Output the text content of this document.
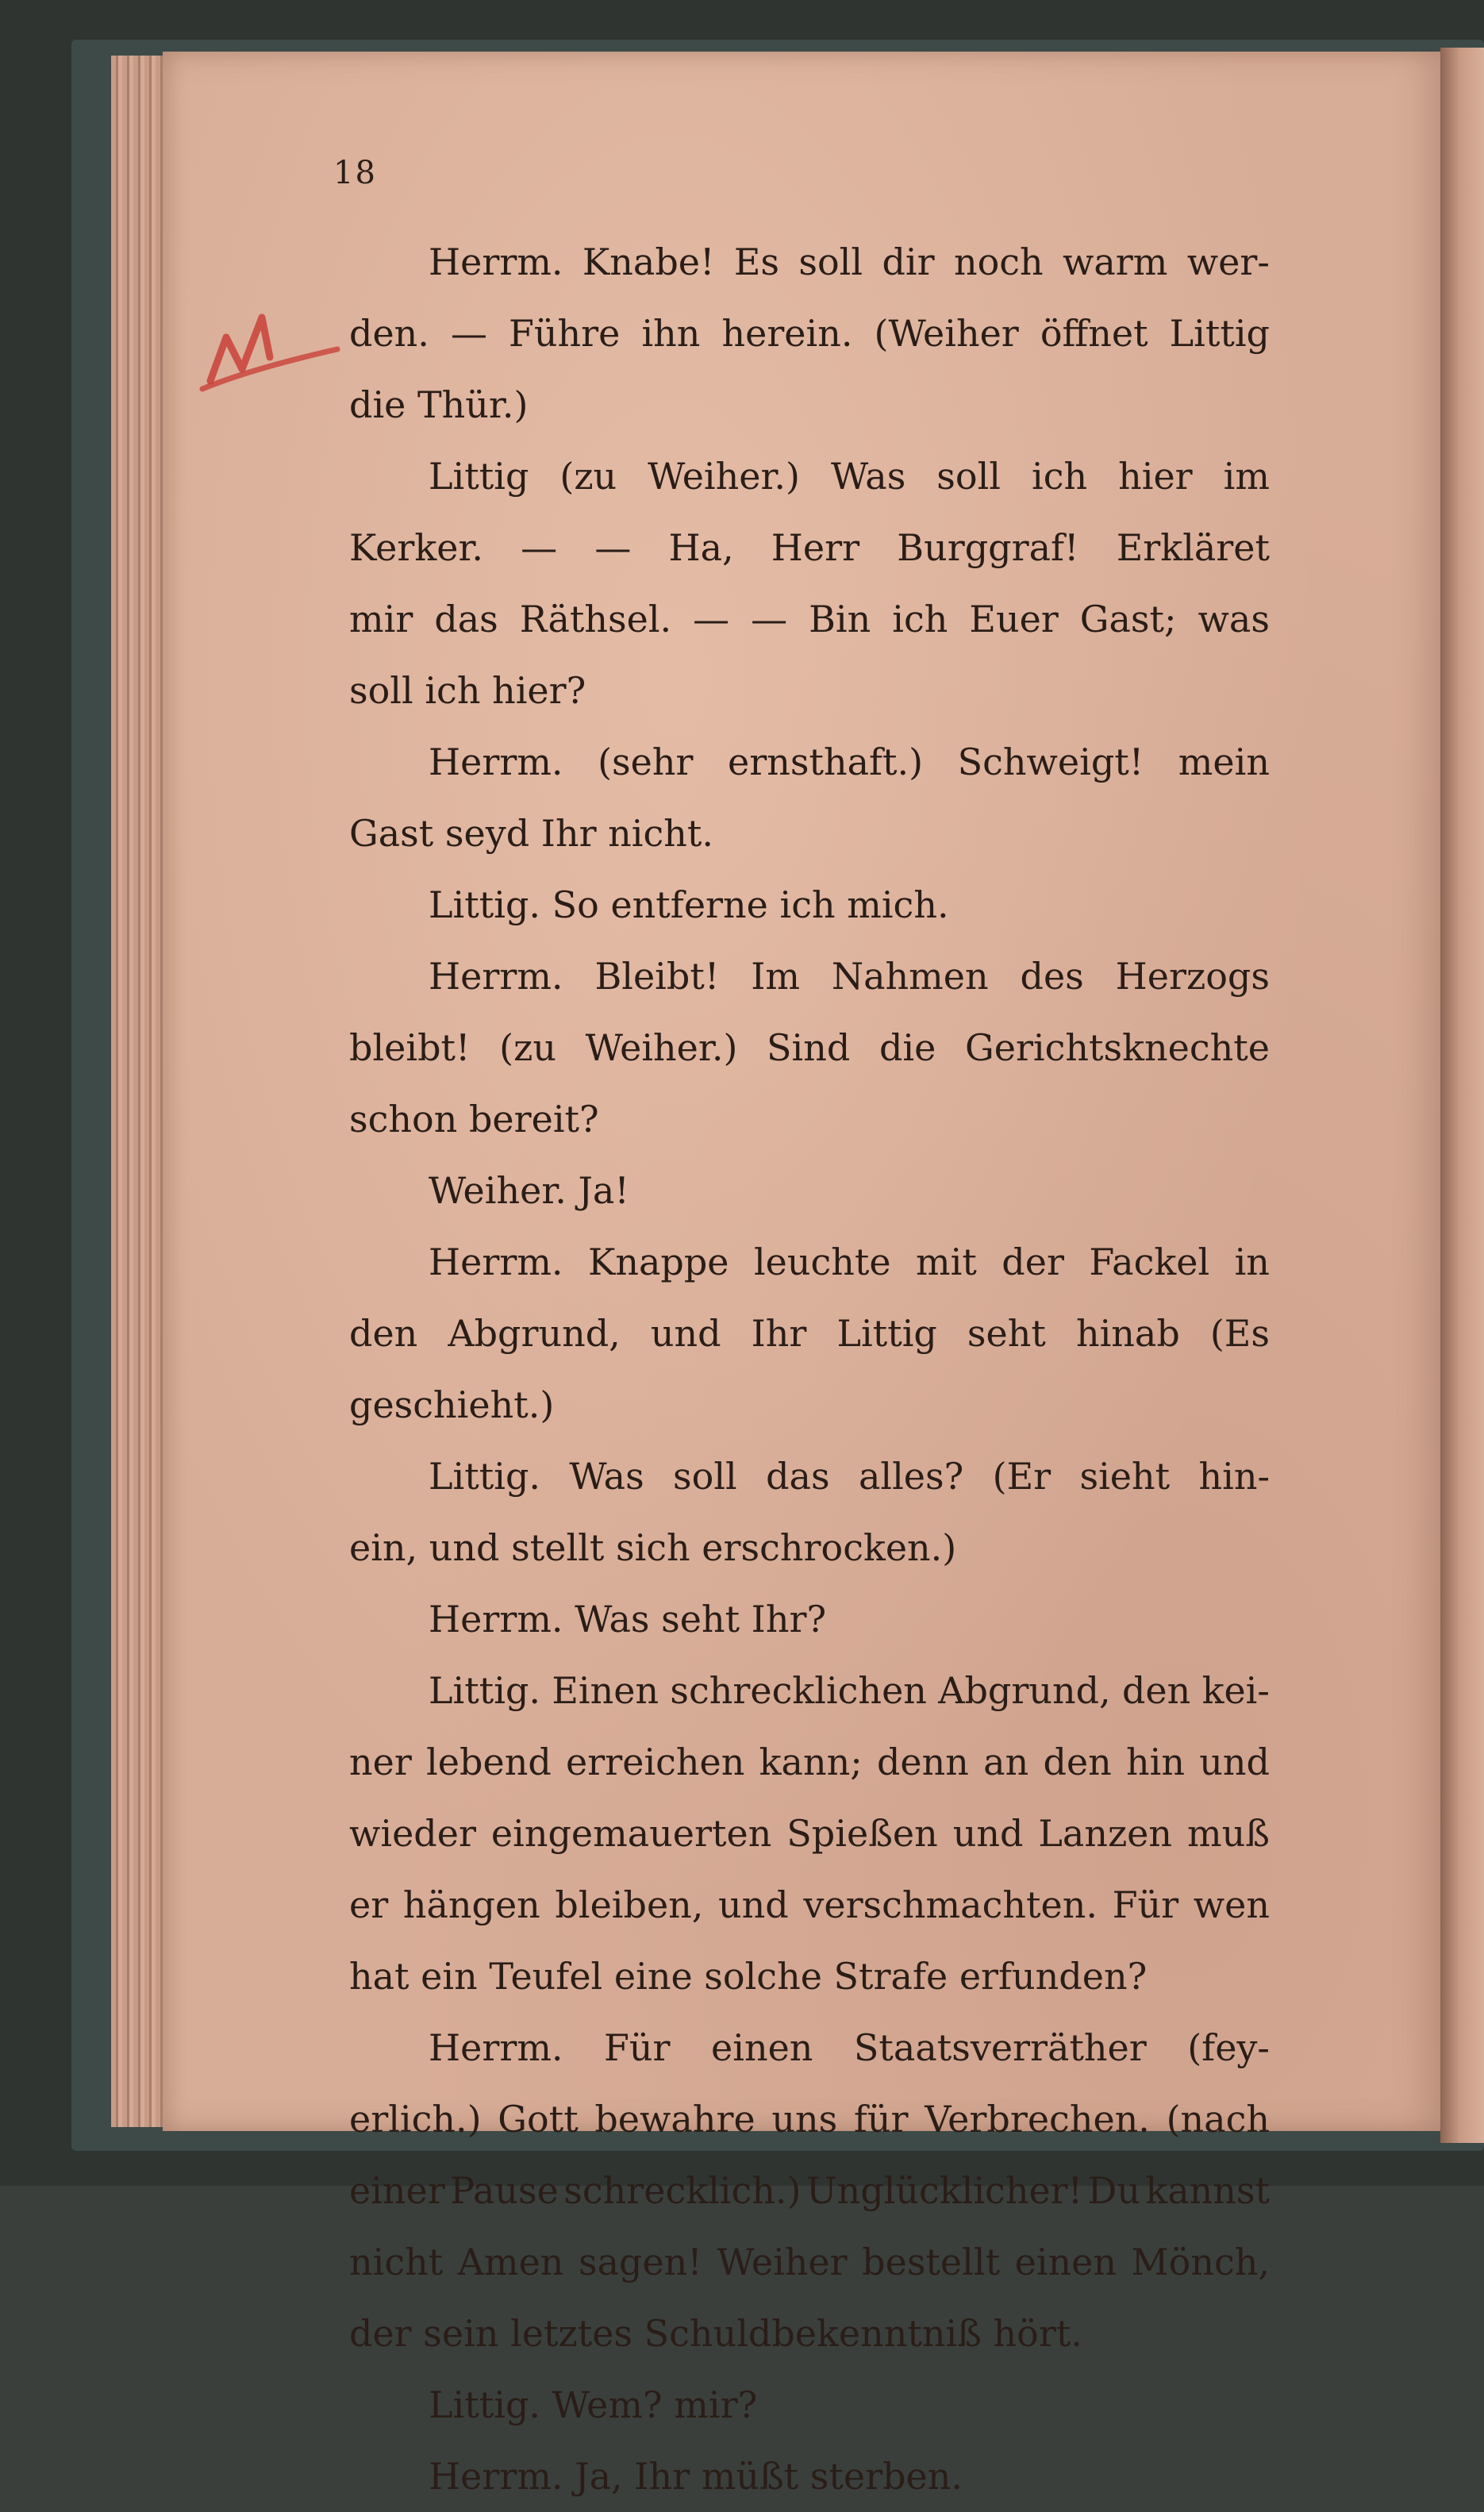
18
Herrm. Knabe! Es soll dir noch warm wer-
den. — Führe ihn herein. (Weiher öffnet Littig
die Thür.)
Littig (zu Weiher.) Was soll ich hier im
Kerker. — — Ha, Herr Burggraf! Erkläret
mir das Räthsel. — — Bin ich Euer Gast; was
soll ich hier?
Herrm. (sehr ernsthaft.) Schweigt! mein
Gast seyd Ihr nicht.
Littig. So entferne ich mich.
Herrm. Bleibt! Im Nahmen des Herzogs
bleibt! (zu Weiher.) Sind die Gerichtsknechte
schon bereit?
Weiher. Ja!
Herrm. Knappe leuchte mit der Fackel in
den Abgrund, und Ihr Littig seht hinab (Es
geschieht.)
Littig. Was soll das alles? (Er sieht hin-
ein, und stellt sich erschrocken.)
Herrm. Was seht Ihr?
Littig. Einen schrecklichen Abgrund, den kei-
ner lebend erreichen kann; denn an den hin und
wieder eingemauerten Spießen und Lanzen muß
er hängen bleiben, und verschmachten. Für wen
hat ein Teufel eine solche Strafe erfunden?
Herrm. Für einen Staatsverräther (fey-
erlich.) Gott bewahre uns für Verbrechen. (nach
einer Pause schrecklich.) Unglücklicher! Du kannst
nicht Amen sagen! Weiher bestellt einen Mönch,
der sein letztes Schuldbekenntniß hört.
Littig. Wem? mir?
Herrm. Ja, Ihr müßt sterben.
